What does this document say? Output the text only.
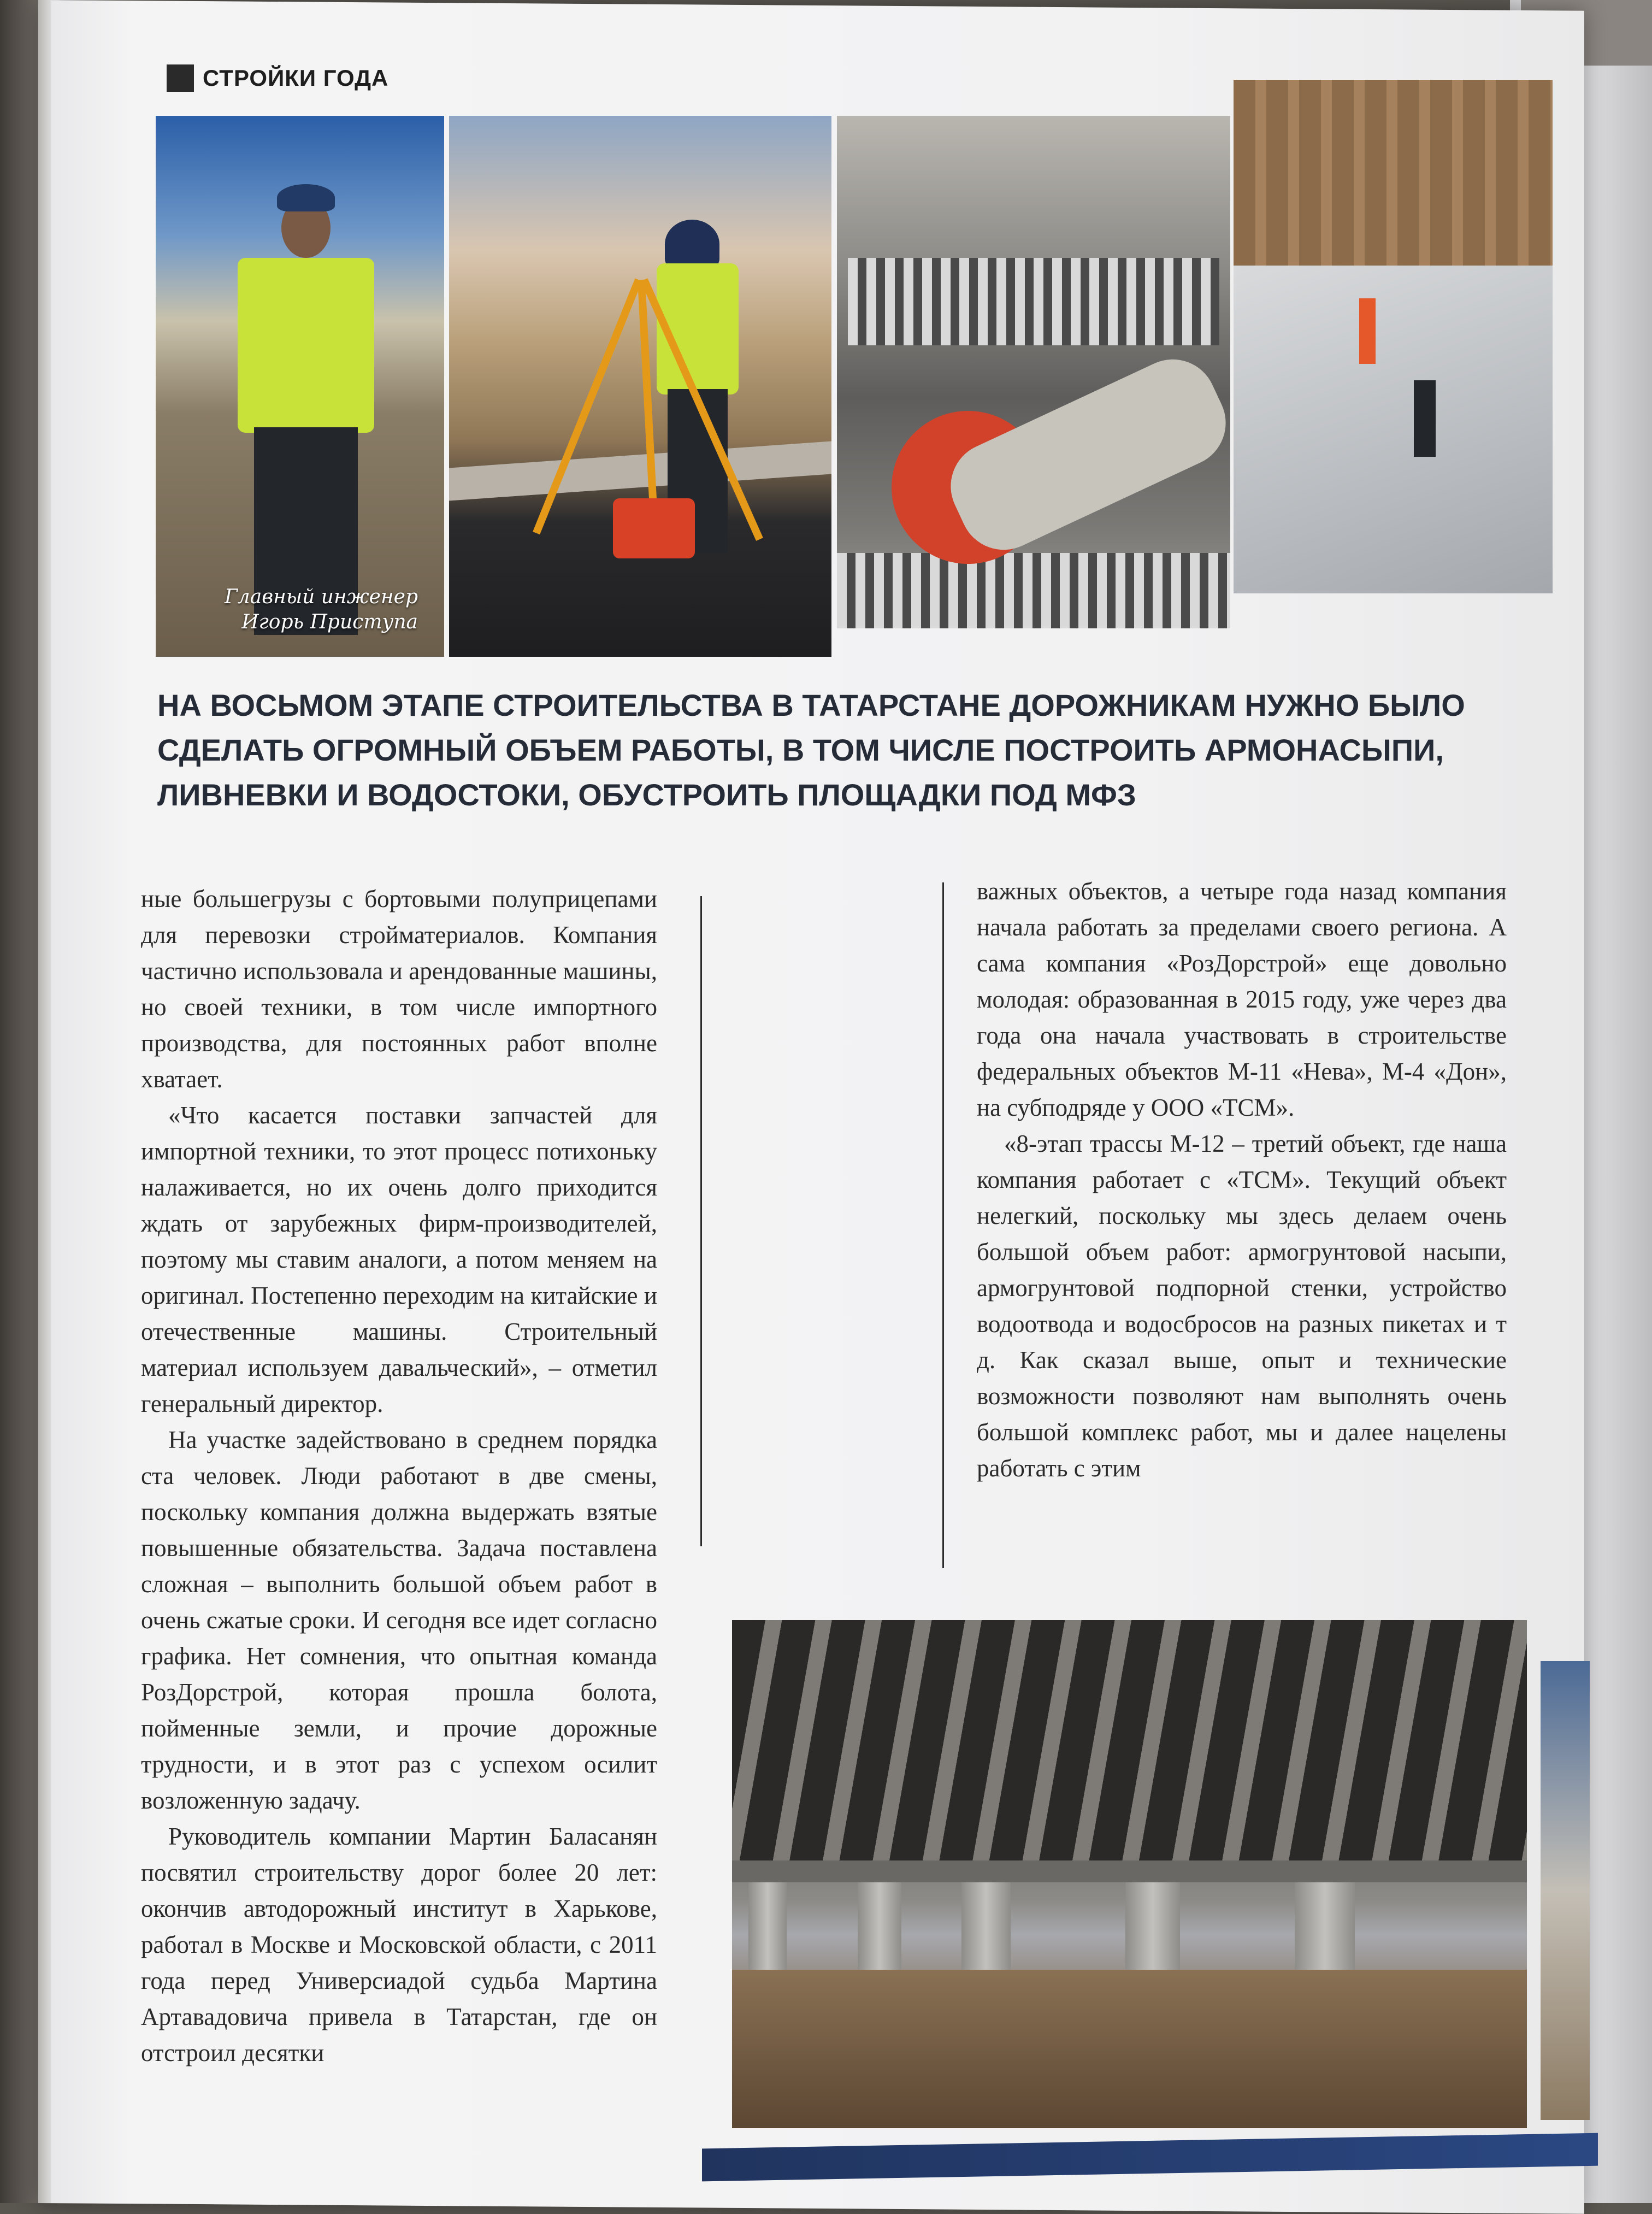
СТРОЙКИ ГОДА
Главный инженер
Игорь Приступа
НА ВОСЬМОМ ЭТАПЕ СТРОИТЕЛЬСТВА В ТАТАРСТАНЕ ДОРОЖНИКАМ НУЖНО БЫЛО
СДЕЛАТЬ ОГРОМНЫЙ ОБЪЕМ РАБОТЫ, В ТОМ ЧИСЛЕ ПОСТРОИТЬ АРМОНАСЫПИ,
ЛИВНЕВКИ И ВОДОСТОКИ, ОБУСТРОИТЬ ПЛОЩАДКИ ПОД МФЗ

ные большегрузы с бортовыми полуприцепами для перевозки стройматериалов. Компания частично использовала и арендованные машины, но своей техники, в том числе импортного производства, для постоянных работ вполне хватает.

«Что касается поставки запчастей для импортной техники, то этот процесс потихоньку налаживается, но их очень долго приходится ждать от зарубежных фирм-производителей, поэтому мы ставим аналоги, а потом меняем на оригинал. Постепенно переходим на китайские и отечественные машины. Строительный материал используем давальческий», – отметил генеральный директор.

На участке задействовано в среднем порядка ста человек. Люди работают в две смены, поскольку компания должна выдержать взятые повышенные обязательства. Задача поставлена сложная – выполнить большой объем работ в очень сжатые сроки. И сегодня все идет согласно графика. Нет сомнения, что опытная команда РозДорстрой, которая прошла болота, пойменные земли, и прочие дорожные трудности, и в этот раз с успехом осилит возложенную задачу.

Руководитель компании Мартин Баласанян посвятил строительству дорог более 20 лет: окончив автодорожный институт в Харькове, работал в Москве и Московской области, с 2011 года перед Универсиадой судьба Мартина Артавадовича привела в Татарстан, где он отстроил десятки

важных объектов, а четыре года назад компания начала работать за пределами своего региона. А сама компания «РозДорстрой» еще довольно молодая: образованная в 2015 году, уже через два года она начала участвовать в строительстве федеральных объектов М-11 «Нева», М-4 «Дон», на субподряде у ООО «ТСМ».

«8-этап трассы М-12 – третий объект, где наша компания работает с «ТСМ». Текущий объект нелегкий, поскольку мы здесь делаем очень большой объем работ: армогрунтовой насыпи, армогрунтовой подпорной стенки, устройство водоотвода и водосбросов на разных пикетах и т д. Как сказал выше, опыт и технические возможности позволяют нам выполнять очень большой комплекс работ, мы и далее нацелены работать с этим
